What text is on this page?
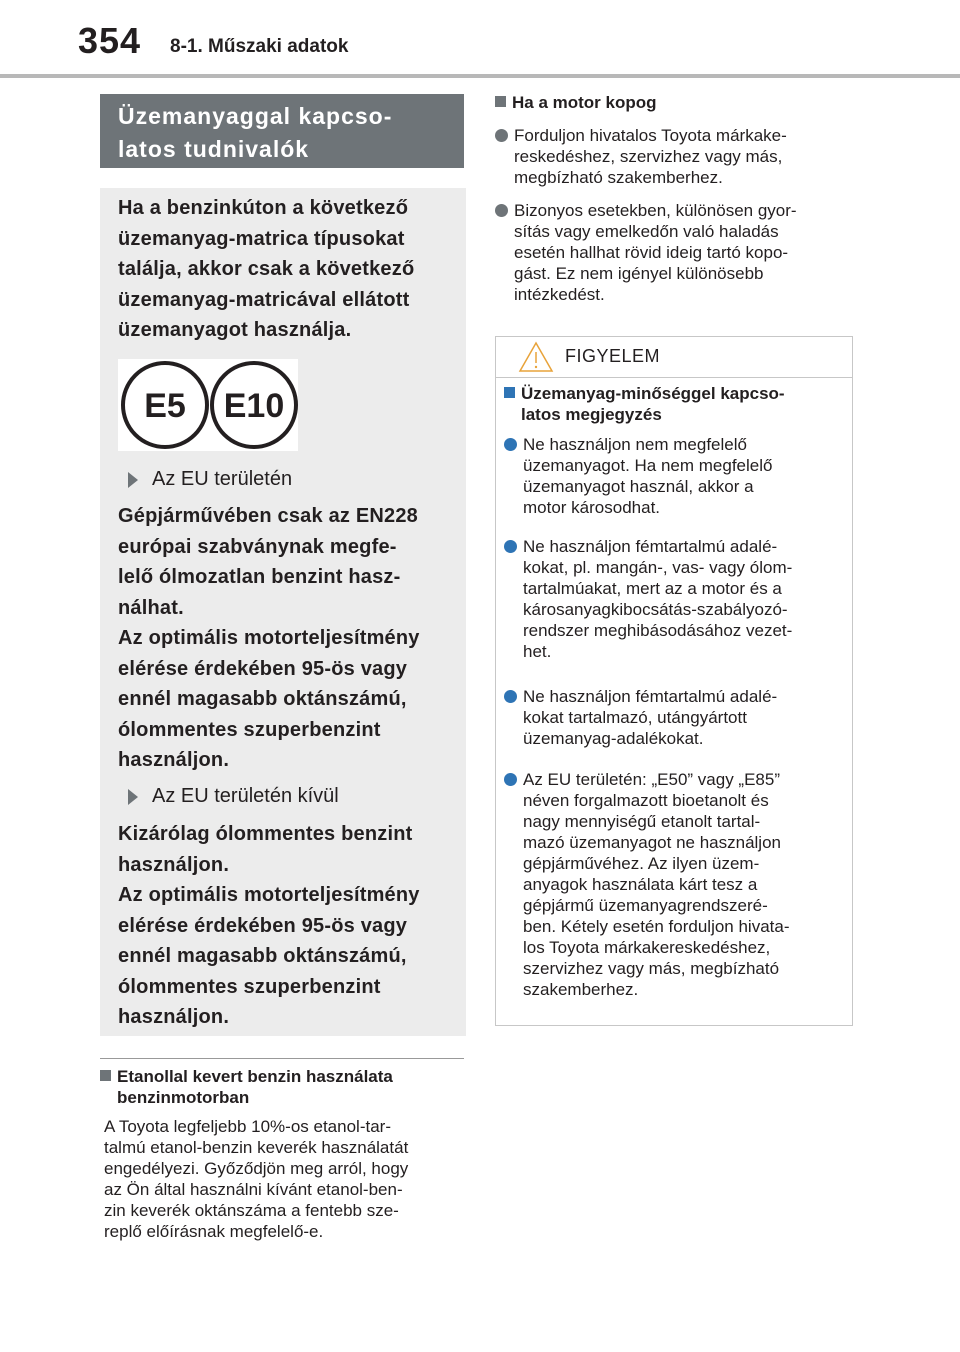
354 8-1. Műszaki adatok
Üzemanyaggal kapcso-
latos tudnivalók
Ha a benzinkúton a következő
üzemanyag-matrica típusokat
találja, akkor csak a következő
üzemanyag-matricával ellátott
üzemanyagot használja.
E5 E10
Az EU területén
Gépjárművében csak az EN228
európai szabványnak megfe-
lelő ólmozatlan benzint hasz-
nálhat.
Az optimális motorteljesítmény
elérése érdekében 95-ös vagy
ennél magasabb oktánszámú,
ólommentes szuperbenzint
használjon.
Az EU területén kívül
Kizárólag ólommentes benzint
használjon.
Az optimális motorteljesítmény
elérése érdekében 95-ös vagy
ennél magasabb oktánszámú,
ólommentes szuperbenzint
használjon.
Etanollal kevert benzin használata
benzinmotorban
A Toyota legfeljebb 10%-os etanol-tar-
talmú etanol-benzin keverék használatát
engedélyezi. Győződjön meg arról, hogy
az Ön által használni kívánt etanol-ben-
zin keverék oktánszáma a fentebb sze-
replő előírásnak megfelelő-e.
Ha a motor kopog
Forduljon hivatalos Toyota márkake-
reskedéshez, szervizhez vagy más,
megbízható szakemberhez.
Bizonyos esetekben, különösen gyor-
sítás vagy emelkedőn való haladás
esetén hallhat rövid ideig tartó kopo-
gást. Ez nem igényel különösebb
intézkedést.
FIGYELEM
Üzemanyag-minőséggel kapcso-
latos megjegyzés
Ne használjon nem megfelelő
üzemanyagot. Ha nem megfelelő
üzemanyagot használ, akkor a
motor károsodhat.
Ne használjon fémtartalmú adalé-
kokat, pl. mangán-, vas- vagy ólom-
tartalmúakat, mert az a motor és a
károsanyagkibocsátás-szabályozó-
rendszer meghibásodásához vezet-
het.
Ne használjon fémtartalmú adalé-
kokat tartalmazó, utángyártott
üzemanyag-adalékokat.
Az EU területén: „E50” vagy „E85”
néven forgalmazott bioetanolt és
nagy mennyiségű etanolt tartal-
mazó üzemanyagot ne használjon
gépjárművéhez. Az ilyen üzem-
anyagok használata kárt tesz a
gépjármű üzemanyagrendszeré-
ben. Kétely esetén forduljon hivata-
los Toyota márkakereskedéshez,
szervizhez vagy más, megbízható
szakemberhez.
